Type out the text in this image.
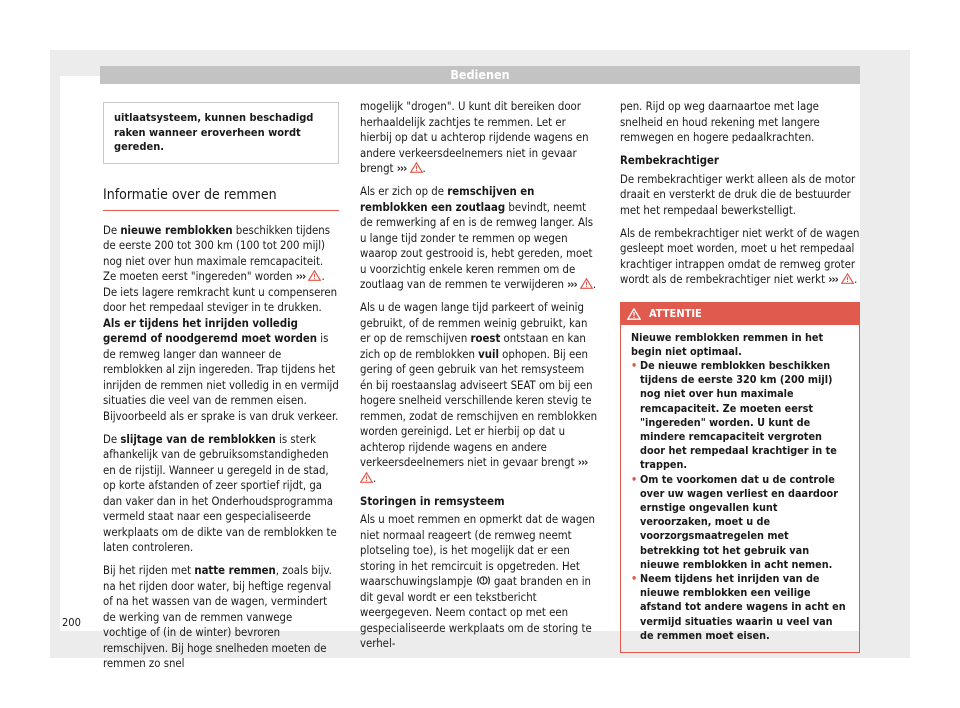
Bedienen
uitlaatsysteem, kunnen beschadigd raken wanneer eroverheen wordt gereden.
Informatie over de remmen

De nieuwe remblokken beschikken tijdens de eerste 200 tot 300 km (100 tot 200 mijl) nog niet over hun maximale remcapaciteit. Ze moeten eerst "ingereden" worden ››› . De iets lagere remkracht kunt u compenseren door het rempedaal steviger in te drukken. Als er tijdens het inrijden volledig geremd of noodgeremd moet worden is de remweg langer dan wanneer de remblokken al zijn ingereden. Trap tijdens het inrijden de remmen niet volledig in en vermijd situaties die veel van de remmen eisen. Bijvoorbeeld als er sprake is van druk verkeer.

De slijtage van de remblokken is sterk afhankelijk van de gebruiksomstandigheden en de rijstijl. Wanneer u geregeld in de stad, op korte afstanden of zeer sportief rijdt, ga dan vaker dan in het Onderhoudsprogramma vermeld staat naar een gespecialiseerde werkplaats om de dikte van de remblokken te laten controleren.

Bij het rijden met natte remmen, zoals bijv. na het rijden door water, bij heftige regenval of na het wassen van de wagen, vermindert de werking van de remmen vanwege vochtige of (in de winter) bevroren remschijven. Bij hoge snelheden moeten de remmen zo snel

mogelijk "drogen". U kunt dit bereiken door herhaaldelijk zachtjes te remmen. Let er hierbij op dat u achterop rijdende wagens en andere verkeersdeelnemers niet in gevaar brengt ››› .

Als er zich op de remschijven en remblokken een zoutlaag bevindt, neemt de remwerking af en is de remweg langer. Als u lange tijd zonder te remmen op wegen waarop zout gestrooid is, hebt gereden, moet u voorzichtig enkele keren remmen om de zoutlaag van de remmen te verwijderen ››› .

Als u de wagen lange tijd parkeert of weinig gebruikt, of de remmen weinig gebruikt, kan er op de remschijven roest ontstaan en kan zich op de remblokken vuil ophopen. Bij een gering of geen gebruik van het remsysteem én bij roestaanslag adviseert SEAT om bij een hogere snelheid verschillende keren stevig te remmen, zodat de remschijven en remblokken worden gereinigd. Let er hierbij op dat u achterop rijdende wagens en andere verkeersdeelnemers niet in gevaar brengt ››› .

Storingen in remsysteem

Als u moet remmen en opmerkt dat de wagen niet normaal reageert (de remweg neemt plotseling toe), is het mogelijk dat er een storing in het remcircuit is opgetreden. Het waarschuwingslampje  gaat branden en in dit geval wordt er een tekstbericht weergegeven. Neem contact op met een gespecialiseerde werkplaats om de storing te verhel-

pen. Rijd op weg daarnaartoe met lage snelheid en houd rekening met langere remwegen en hogere pedaalkrachten.

Rembekrachtiger

De rembekrachtiger werkt alleen als de motor draait en versterkt de druk die de bestuurder met het rempedaal bewerkstelligt.

Als de rembekrachtiger niet werkt of de wagen gesleept moet worden, moet u het rempedaal krachtiger intrappen omdat de remweg groter wordt als de rembekrachtiger niet werkt ››› .

ATTENTIE

Nieuwe remblokken remmen in het begin niet optimaal.

• De nieuwe remblokken beschikken tijdens de eerste 320 km (200 mijl) nog niet over hun maximale remcapaciteit. Ze moeten eerst "ingereden" worden. U kunt de mindere remcapaciteit vergroten door het rempedaal krachtiger in te trappen.

• Om te voorkomen dat u de controle over uw wagen verliest en daardoor ernstige ongevallen kunt veroorzaken, moet u de voorzorgsmaatregelen met betrekking tot het gebruik van nieuwe remblokken in acht nemen.

• Neem tijdens het inrijden van de nieuwe remblokken een veilige afstand tot andere wagens in acht en vermijd situaties waarin u veel van de remmen moet eisen.

200
